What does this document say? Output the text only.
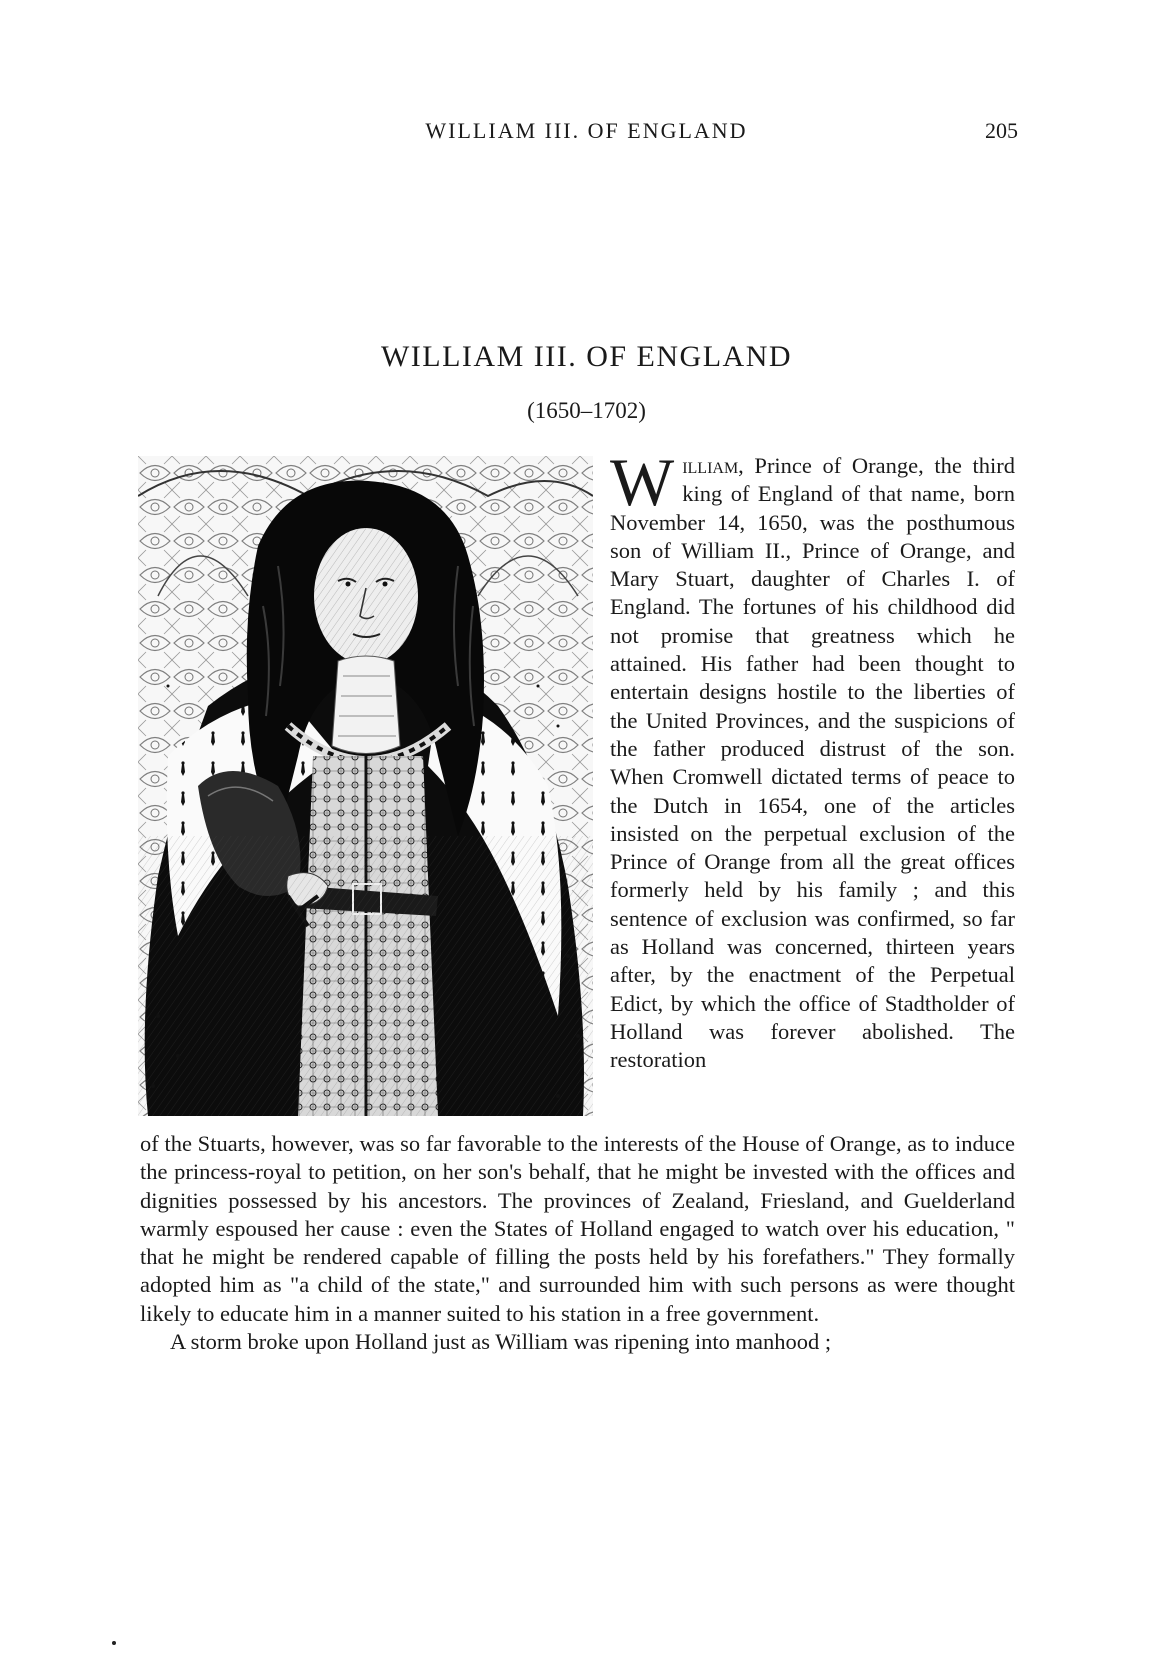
WILLIAM III. OF ENGLAND	205
WILLIAM III. OF ENGLAND
(1650–1702)

William, Prince of Orange, the third king of England of that name, born November 14, 1650, was the posthumous son of William II., Prince of Orange, and Mary Stuart, daughter of Charles I. of England. The fortunes of his childhood did not promise that greatness which he attained. His father had been thought to entertain designs hostile to the liberties of the United Provinces, and the suspicions of the father produced distrust of the son. When Cromwell dictated terms of peace to the Dutch in 1654, one of the articles insisted on the perpetual exclusion of the Prince of Orange from all the great offices formerly held by his family ; and this sentence of exclusion was confirmed, so far as Holland was concerned, thirteen years after, by the enactment of the Perpetual Edict, by which the office of Stadtholder of Holland was forever abolished. The restoration

of the Stuarts, however, was so far favorable to the interests of the House of Orange, as to induce the princess-royal to petition, on her son's behalf, that he might be invested with the offices and dignities possessed by his ancestors. The provinces of Zealand, Friesland, and Guelderland warmly espoused her cause : even the States of Holland engaged to watch over his education, " that he might be rendered capable of filling the posts held by his forefathers." They formally adopted him as "a child of the state," and surrounded him with such persons as were thought likely to educate him in a manner suited to his station in a free government.

A storm broke upon Holland just as William was ripening into manhood ;
